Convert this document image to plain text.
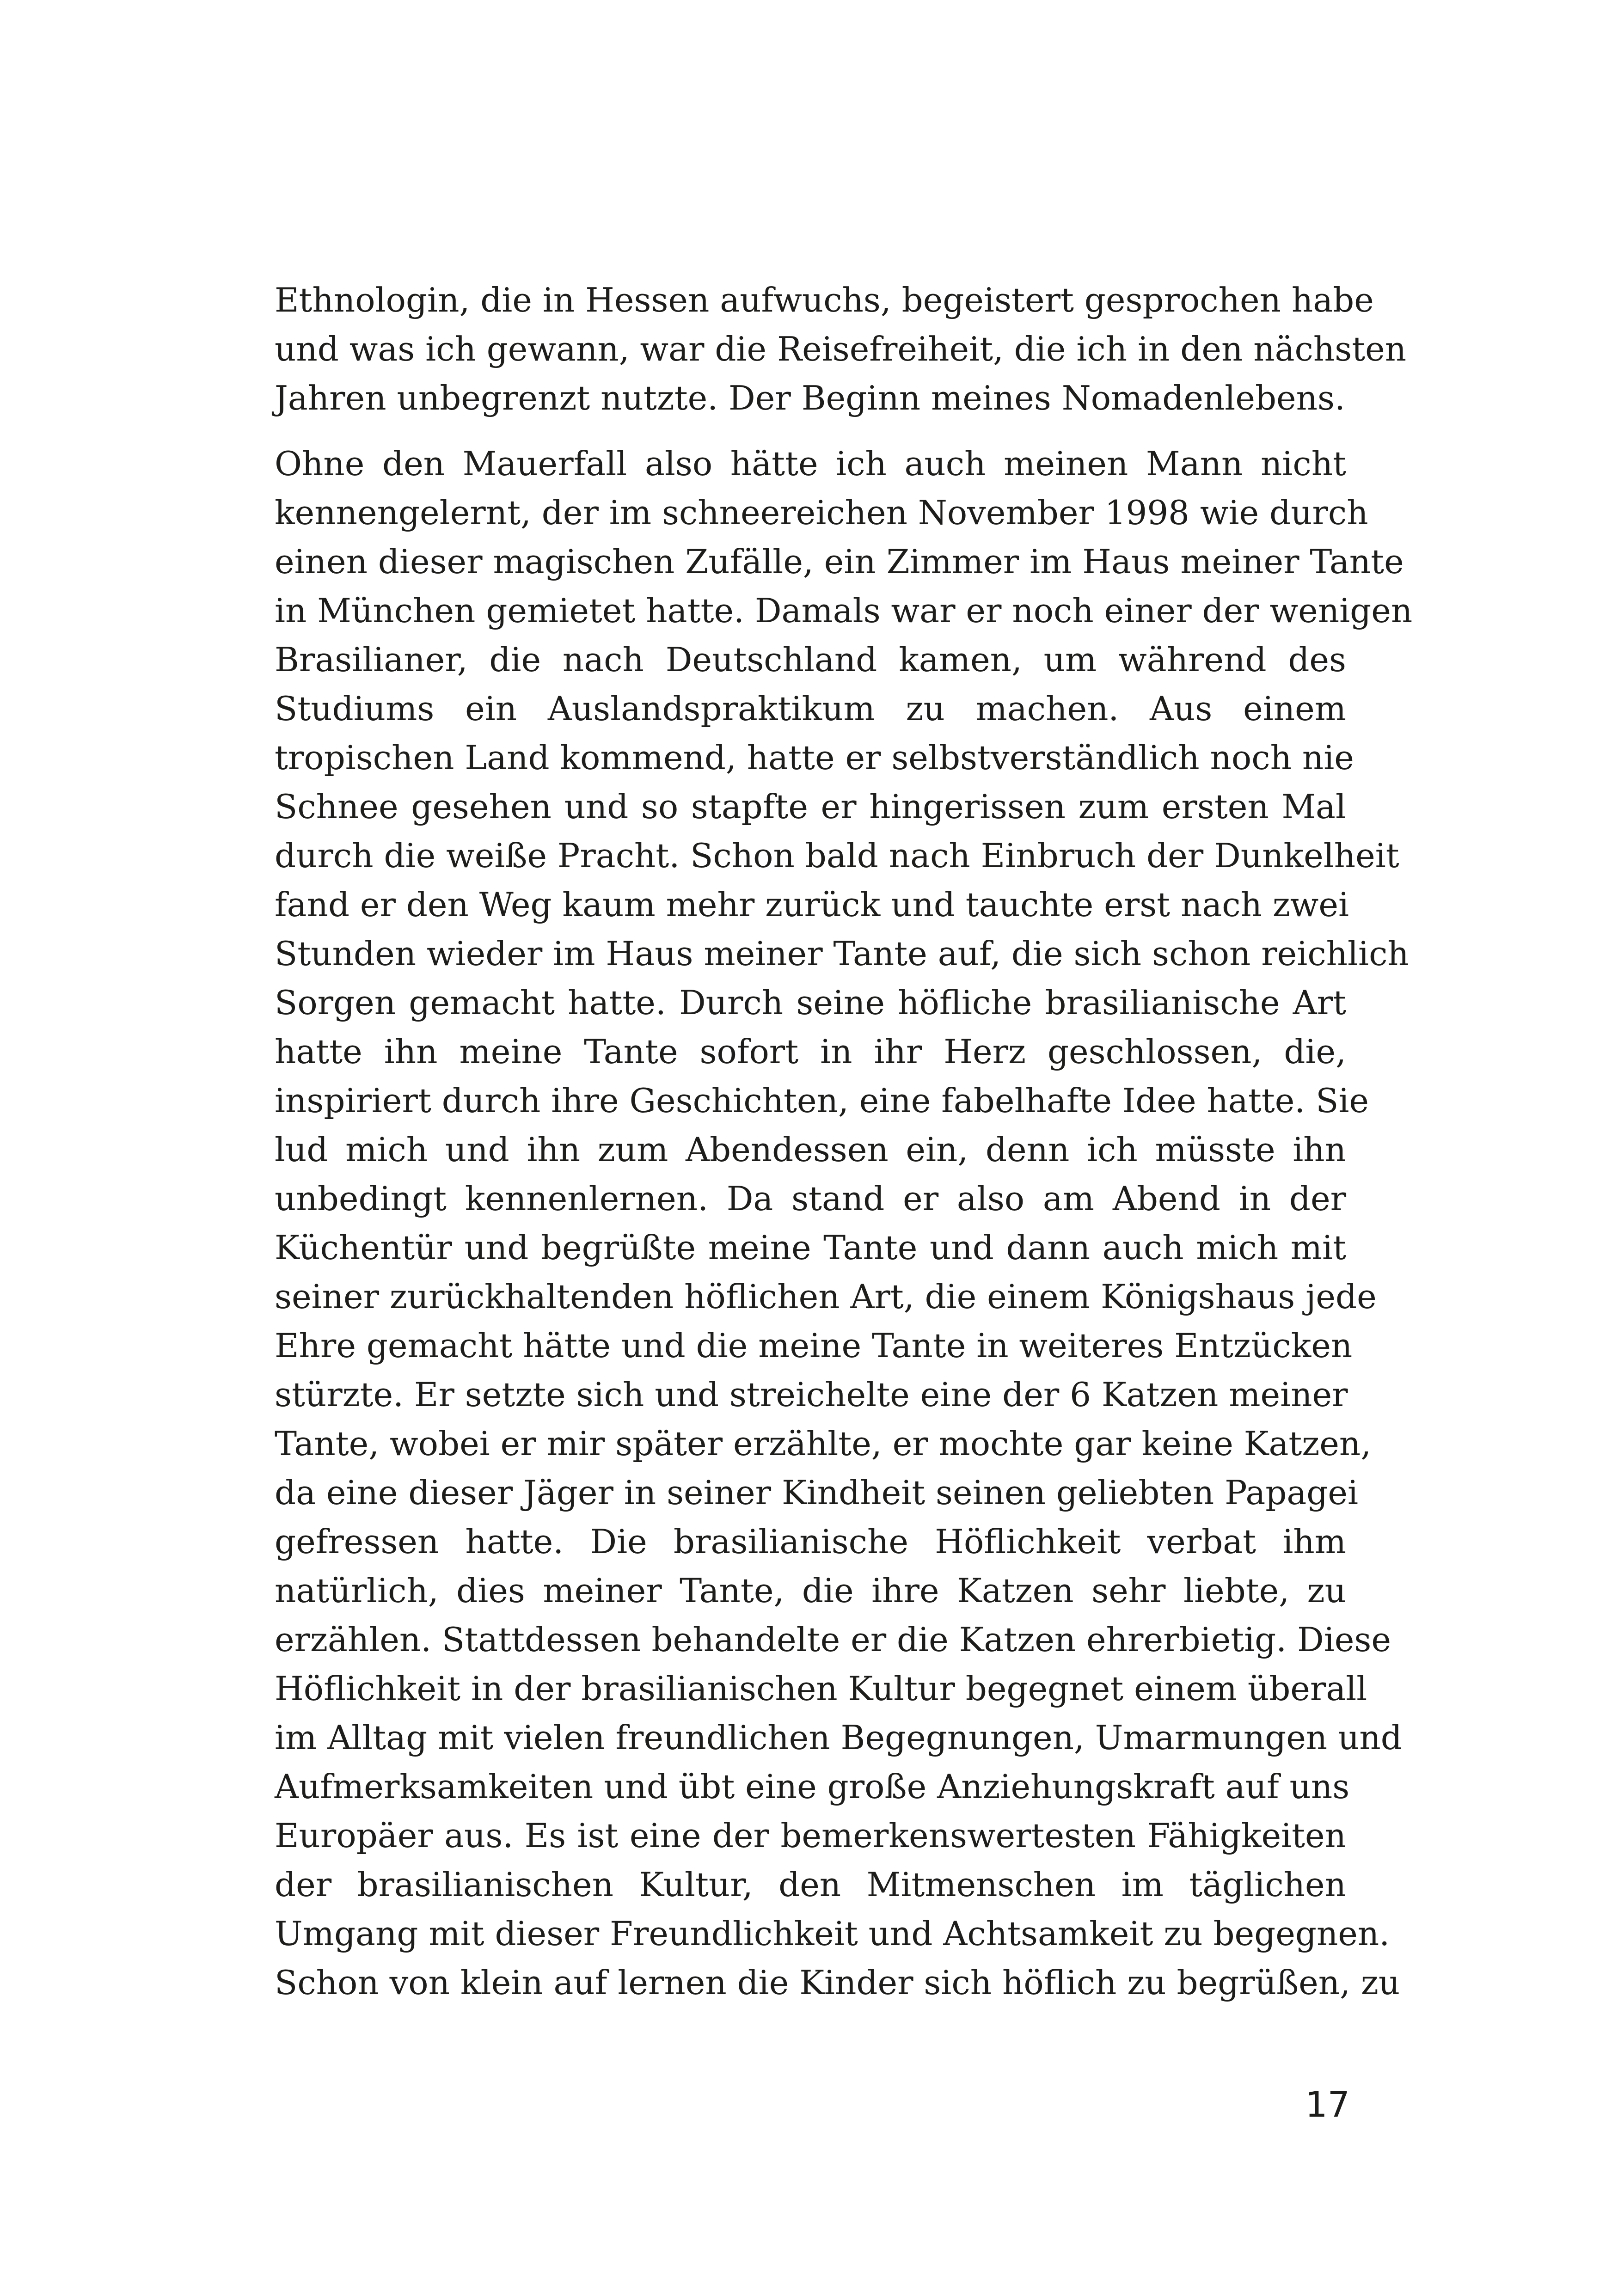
Ethnologin, die in Hessen aufwuchs, begeistert gesprochen habe
und was ich gewann, war die Reisefreiheit, die ich in den nächsten
Jahren unbegrenzt nutzte. Der Beginn meines Nomadenlebens.
Ohne den Mauerfall also hätte ich auch meinen Mann nicht
kennengelernt, der im schneereichen November 1998 wie durch
einen dieser magischen Zufälle, ein Zimmer im Haus meiner Tante
in München gemietet hatte. Damals war er noch einer der wenigen
Brasilianer, die nach Deutschland kamen, um während des
Studiums ein Auslandspraktikum zu machen. Aus einem
tropischen Land kommend, hatte er selbstverständlich noch nie
Schnee gesehen und so stapfte er hingerissen zum ersten Mal
durch die weiße Pracht. Schon bald nach Einbruch der Dunkelheit
fand er den Weg kaum mehr zurück und tauchte erst nach zwei
Stunden wieder im Haus meiner Tante auf, die sich schon reichlich
Sorgen gemacht hatte. Durch seine höfliche brasilianische Art
hatte ihn meine Tante sofort in ihr Herz geschlossen, die,
inspiriert durch ihre Geschichten, eine fabelhafte Idee hatte. Sie
lud mich und ihn zum Abendessen ein, denn ich müsste ihn
unbedingt kennenlernen. Da stand er also am Abend in der
Küchentür und begrüßte meine Tante und dann auch mich mit
seiner zurückhaltenden höflichen Art, die einem Königshaus jede
Ehre gemacht hätte und die meine Tante in weiteres Entzücken
stürzte. Er setzte sich und streichelte eine der 6 Katzen meiner
Tante, wobei er mir später erzählte, er mochte gar keine Katzen,
da eine dieser Jäger in seiner Kindheit seinen geliebten Papagei
gefressen hatte. Die brasilianische Höflichkeit verbat ihm
natürlich, dies meiner Tante, die ihre Katzen sehr liebte, zu
erzählen. Stattdessen behandelte er die Katzen ehrerbietig. Diese
Höflichkeit in der brasilianischen Kultur begegnet einem überall
im Alltag mit vielen freundlichen Begegnungen, Umarmungen und
Aufmerksamkeiten und übt eine große Anziehungskraft auf uns
Europäer aus. Es ist eine der bemerkenswertesten Fähigkeiten
der brasilianischen Kultur, den Mitmenschen im täglichen
Umgang mit dieser Freundlichkeit und Achtsamkeit zu begegnen.
Schon von klein auf lernen die Kinder sich höflich zu begrüßen, zu
17
